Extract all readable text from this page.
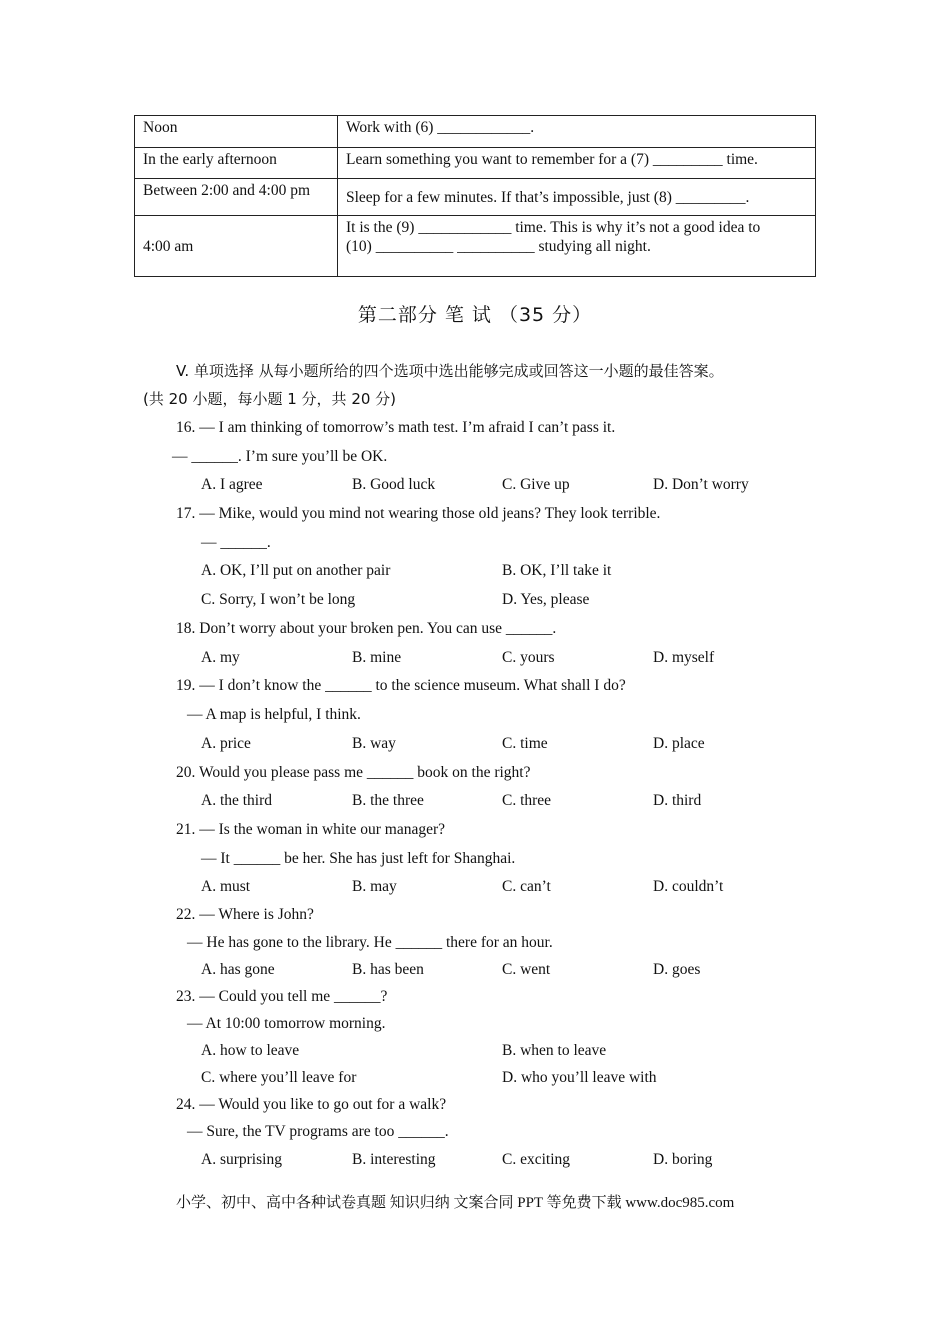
Noon	Work with (6) ____________.
In the early afternoon	Learn something you want to remember for a (7) _________ time.
Between 2:00 and 4:00 pm	Sleep for a few minutes. If that’s impossible, just (8) _________.
4:00 am	It is the (9) ____________ time. This is why it’s not a good idea to
(10) __________ __________ studying all night.
第二部分 笔 试 （35 分）
V. 单项选择 从每小题所给的四个选项中选出能够完成或回答这一小题的最佳答案。
(共 20 小题，每小题 1 分，共 20 分)
16. — I am thinking of tomorrow’s math test. I’m afraid I can’t pass it.
— ______. I’m sure you’ll be OK.
A. I agree	B. Good luck	C. Give up	D. Don’t worry
17. — Mike, would you mind not wearing those old jeans? They look terrible.
— ______.
A. OK, I’ll put on another pair	B. OK, I’ll take it
C. Sorry, I won’t be long	D. Yes, please
18. Don’t worry about your broken pen. You can use ______.
A. my	B. mine	C. yours	D. myself
19. — I don’t know the ______ to the science museum. What shall I do?
— A map is helpful, I think.
A. price	B. way	C. time	D. place
20. Would you please pass me ______ book on the right?
A. the third	B. the three	C. three	D. third
21. — Is the woman in white our manager?
— It ______ be her. She has just left for Shanghai.
A. must	B. may	C. can’t	D. couldn’t
22. — Where is John?
— He has gone to the library. He ______ there for an hour.
A. has gone	B. has been	C. went	D. goes
23. — Could you tell me ______?
— At 10:00 tomorrow morning.
A. how to leave	B. when to leave
C. where you’ll leave for	D. who you’ll leave with
24. — Would you like to go out for a walk?
— Sure, the TV programs are too ______.
A. surprising	B. interesting	C. exciting	D. boring
小学、初中、高中各种试卷真题 知识归纳 文案合同 PPT 等免费下载 www.doc985.com
